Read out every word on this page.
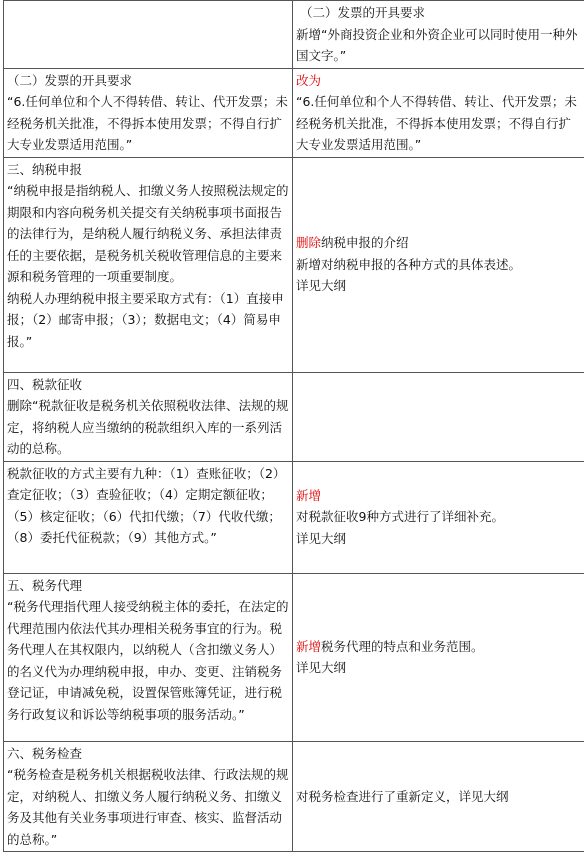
	（二）发票的开具要求
新增“外商投资企业和外资企业可以同时使用一种外国文字。”

（二）发票的开具要求
“6.任何单位和个人不得转借、转让、代开发票；未经税务机关批准，不得拆本使用发票；不得自行扩大专业发票适用范围。”	改为
“6.任何单位和个人不得转借、转让、代开发票；未经税务机关批准，不得拆本使用发票；不得自行扩大专业发票适用范围。”

三、纳税申报
“纳税申报是指纳税人、扣缴义务人按照税法规定的期限和内容向税务机关提交有关纳税事项书面报告的法律行为，是纳税人履行纳税义务、承担法律责任的主要依据，是税务机关税收管理信息的主要来源和税务管理的一项重要制度。
纳税人办理纳税申报主要采取方式有：（1）直接申报；（2）邮寄申报；（3）；数据电文；（4）简易申报。”	删除纳税申报的介绍
新增对纳税申报的各种方式的具体表述。
详见大纲

四、税款征收
删除“税款征收是税务机关依照税收法律、法规的规定，将纳税人应当缴纳的税款组织入库的一系列活动的总称。	

税款征收的方式主要有九种：（1）查账征收；（2）查定征收；（3）查验征收；（4）定期定额征收；（5）核定征收；（6）代扣代缴；（7）代收代缴；（8）委托代征税款；（9）其他方式。”	新增
对税款征收9种方式进行了详细补充。
详见大纲

五、税务代理
“税务代理指代理人接受纳税主体的委托，在法定的代理范围内依法代其办理相关税务事宜的行为。税务代理人在其权限内，以纳税人（含扣缴义务人）的名义代为办理纳税申报，申办、变更、注销税务登记证，申请减免税，设置保管账簿凭证，进行税务行政复议和诉讼等纳税事项的服务活动。”	新增税务代理的特点和业务范围。
详见大纲

六、税务检查
“税务检查是税务机关根据税收法律、行政法规的规定，对纳税人、扣缴义务人履行纳税义务、扣缴义务及其他有关业务事项进行审查、核实、监督活动的总称。”	对税务检查进行了重新定义，详见大纲
